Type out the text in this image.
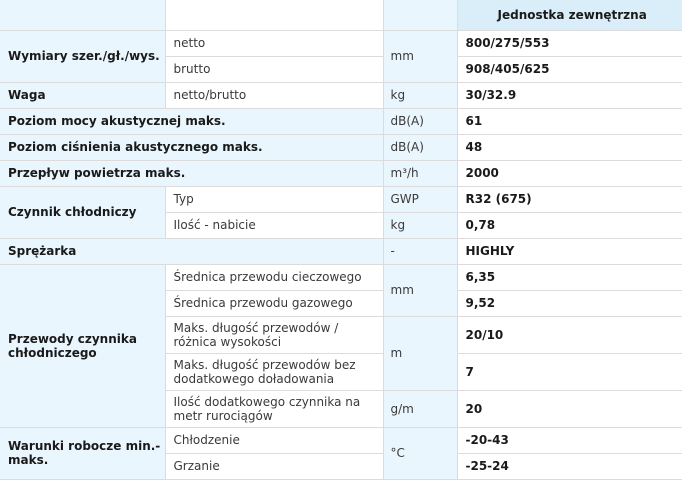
			Jednostka zewnętrzna
Wymiary szer./gł./wys.	netto	mm	800/275/553
	brutto		908/405/625
Waga	netto/brutto	kg	30/32.9
Poziom mocy akustycznej maks.		dB(A)	61
Poziom ciśnienia akustycznego maks.		dB(A)	48
Przepływ powietrza maks.		m³/h	2000
Czynnik chłodniczy	Typ	GWP	R32 (675)
	Ilość - nabicie	kg	0,78
Sprężarka		-	HIGHLY
Przewody czynnika chłodniczego	Średnica przewodu cieczowego	mm	6,35
	Średnica przewodu gazowego		9,52
	Maks. długość przewodów / różnica wysokości	m	20/10
	Maks. długość przewodów bez dodatkowego doładowania		7
	Ilość dodatkowego czynnika na metr rurociągów	g/m	20
Warunki robocze min.-maks.	Chłodzenie	°C	-20-43
	Grzanie		-25-24
